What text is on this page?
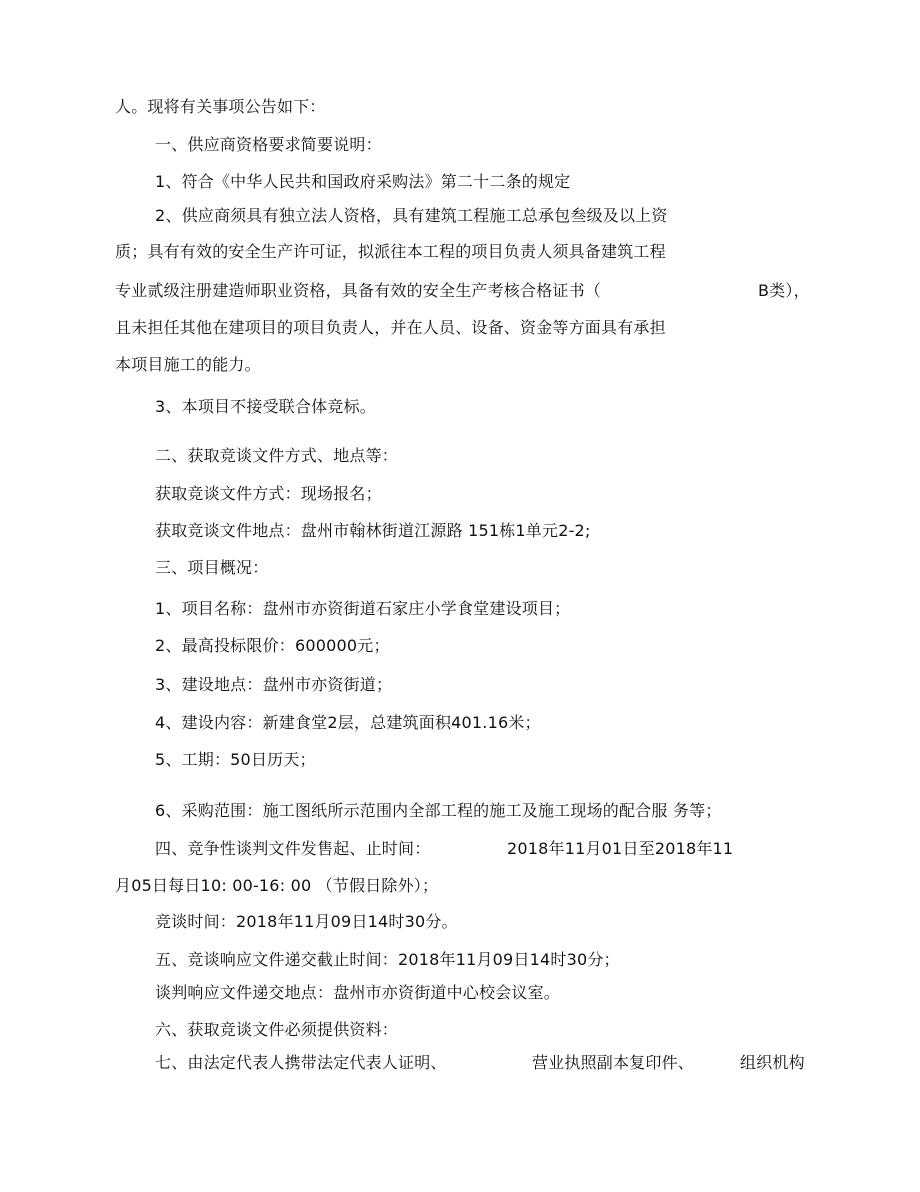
人。现将有关事项公告如下：
一、供应商资格要求简要说明：
1、符合《中华人民共和国政府采购法》第二十二条的规定
2、供应商须具有独立法人资格，具有建筑工程施工总承包叁级及以上资
质；具有有效的安全生产许可证，拟派往本工程的项目负责人须具备建筑工程
专业贰级注册建造师职业资格，具备有效的安全生产考核合格证书（	B类），
且未担任其他在建项目的项目负责人，并在人员、设备、资金等方面具有承担
本项目施工的能力。
3、本项目不接受联合体竞标。
二、获取竞谈文件方式、地点等：
获取竞谈文件方式：现场报名；
获取竞谈文件地点：盘州市翰林街道江源路 151栋1单元2-2;
三、项目概况：
1、项目名称：盘州市亦资街道石家庄小学食堂建设项目；
2、最高投标限价：600000元；
3、建设地点：盘州市亦资街道；
4、建设内容：新建食堂2层，总建筑面积401.16米；
5、工期：50日历天；
6、采购范围：施工图纸所示范围内全部工程的施工及施工现场的配合服 务等；
四、竞争性谈判文件发售起、止时间：	2018年11月01日至2018年11
月05日每日10: 00-16: 00 （节假日除外）；
竞谈时间：2018年11月09日14时30分。
五、竞谈响应文件递交截止时间：2018年11月09日14时30分；
谈判响应文件递交地点：盘州市亦资街道中心校会议室。
六、获取竞谈文件必须提供资料：
七、由法定代表人携带法定代表人证明、	营业执照副本复印件、	组织机构
